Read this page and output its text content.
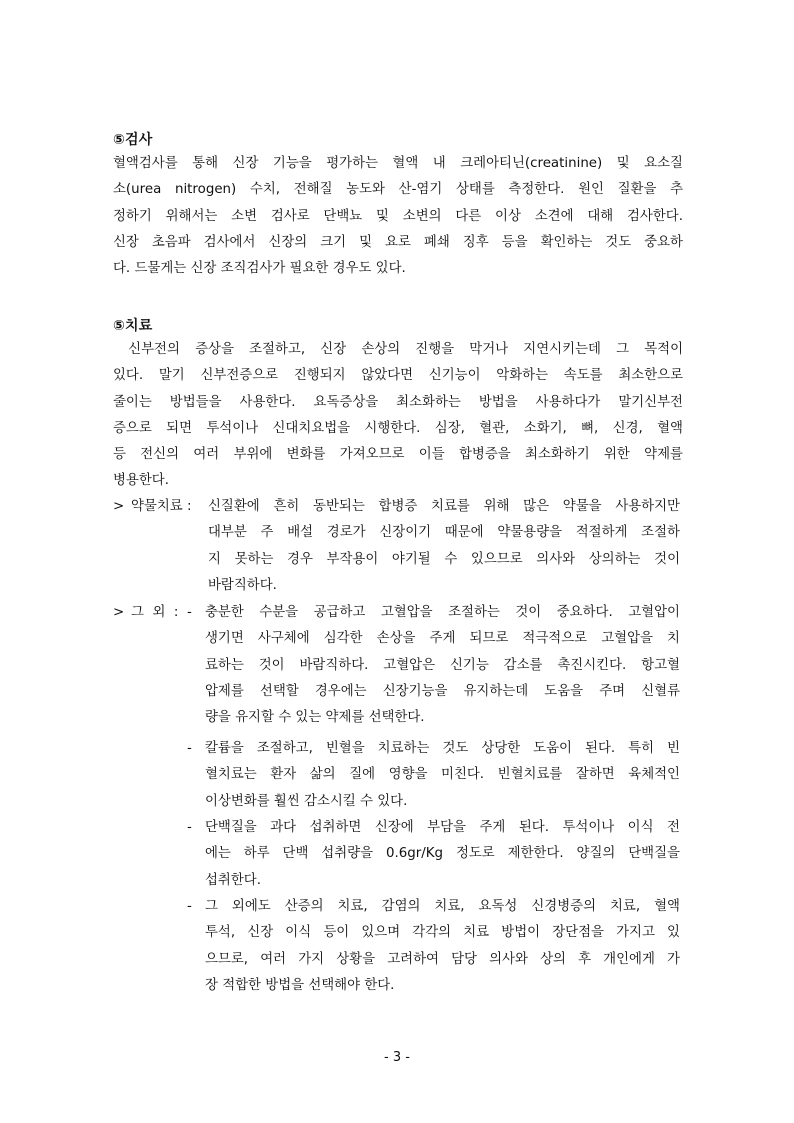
⑤검사
혈액검사를 통해 신장 기능을 평가하는 혈액 내 크레아티닌(creatinine) 및 요소질
소(urea nitrogen) 수치, 전해질 농도와 산-염기 상태를 측정한다. 원인 질환을 추
정하기 위해서는 소변 검사로 단백뇨 및 소변의 다른 이상 소견에 대해 검사한다.
신장 초음파 검사에서 신장의 크기 및 요로 폐쇄 징후 등을 확인하는 것도 중요하
다. 드물게는 신장 조직검사가 필요한 경우도 있다.
⑤치료
신부전의 증상을 조절하고, 신장 손상의 진행을 막거나 지연시키는데 그 목적이
있다. 말기 신부전증으로 진행되지 않았다면 신기능이 악화하는 속도를 최소한으로
줄이는 방법들을 사용한다. 요독증상을 최소화하는 방법을 사용하다가 말기신부전
증으로 되면 투석이나 신대치요법을 시행한다. 심장, 혈관, 소화기, 뼈, 신경, 혈액
등 전신의 여러 부위에 변화를 가져오므로 이들 합병증을 최소화하기 위한 약제를
병용한다.
> 약물치료 : 신질환에 흔히 동반되는 합병증 치료를 위해 많은 약물을 사용하지만
대부분 주 배설 경로가 신장이기 때문에 약물용량을 적절하게 조절하
지 못하는 경우 부작용이 야기될 수 있으므로 의사와 상의하는 것이
바람직하다.
> 그  외  : - 충분한 수분을 공급하고 고혈압을 조절하는 것이 중요하다. 고혈압이
생기면 사구체에 심각한 손상을 주게 되므로 적극적으로 고혈압을 치
료하는 것이 바람직하다. 고혈압은 신기능 감소를 촉진시킨다. 항고혈
압제를 선택할 경우에는 신장기능을 유지하는데 도움을 주며 신혈류
량을 유지할 수 있는 약제를 선택한다.
- 칼륨을 조절하고, 빈혈을 치료하는 것도 상당한 도움이 된다. 특히 빈
혈치료는 환자 삶의 질에 영향을 미친다. 빈혈치료를 잘하면 육체적인
이상변화를 훨씬 감소시킬 수 있다.
- 단백질을 과다 섭취하면 신장에 부담을 주게 된다. 투석이나 이식 전
에는 하루 단백 섭취량을 0.6gr/Kg 정도로 제한한다. 양질의 단백질을
섭취한다.
- 그 외에도 산증의 치료, 감염의 치료, 요독성 신경병증의 치료, 혈액
투석, 신장 이식 등이 있으며 각각의 치료 방법이 장단점을 가지고 있
으므로, 여러 가지 상황을 고려하여 담당 의사와 상의 후 개인에게 가
장 적합한 방법을 선택해야 한다.
- 3 -
